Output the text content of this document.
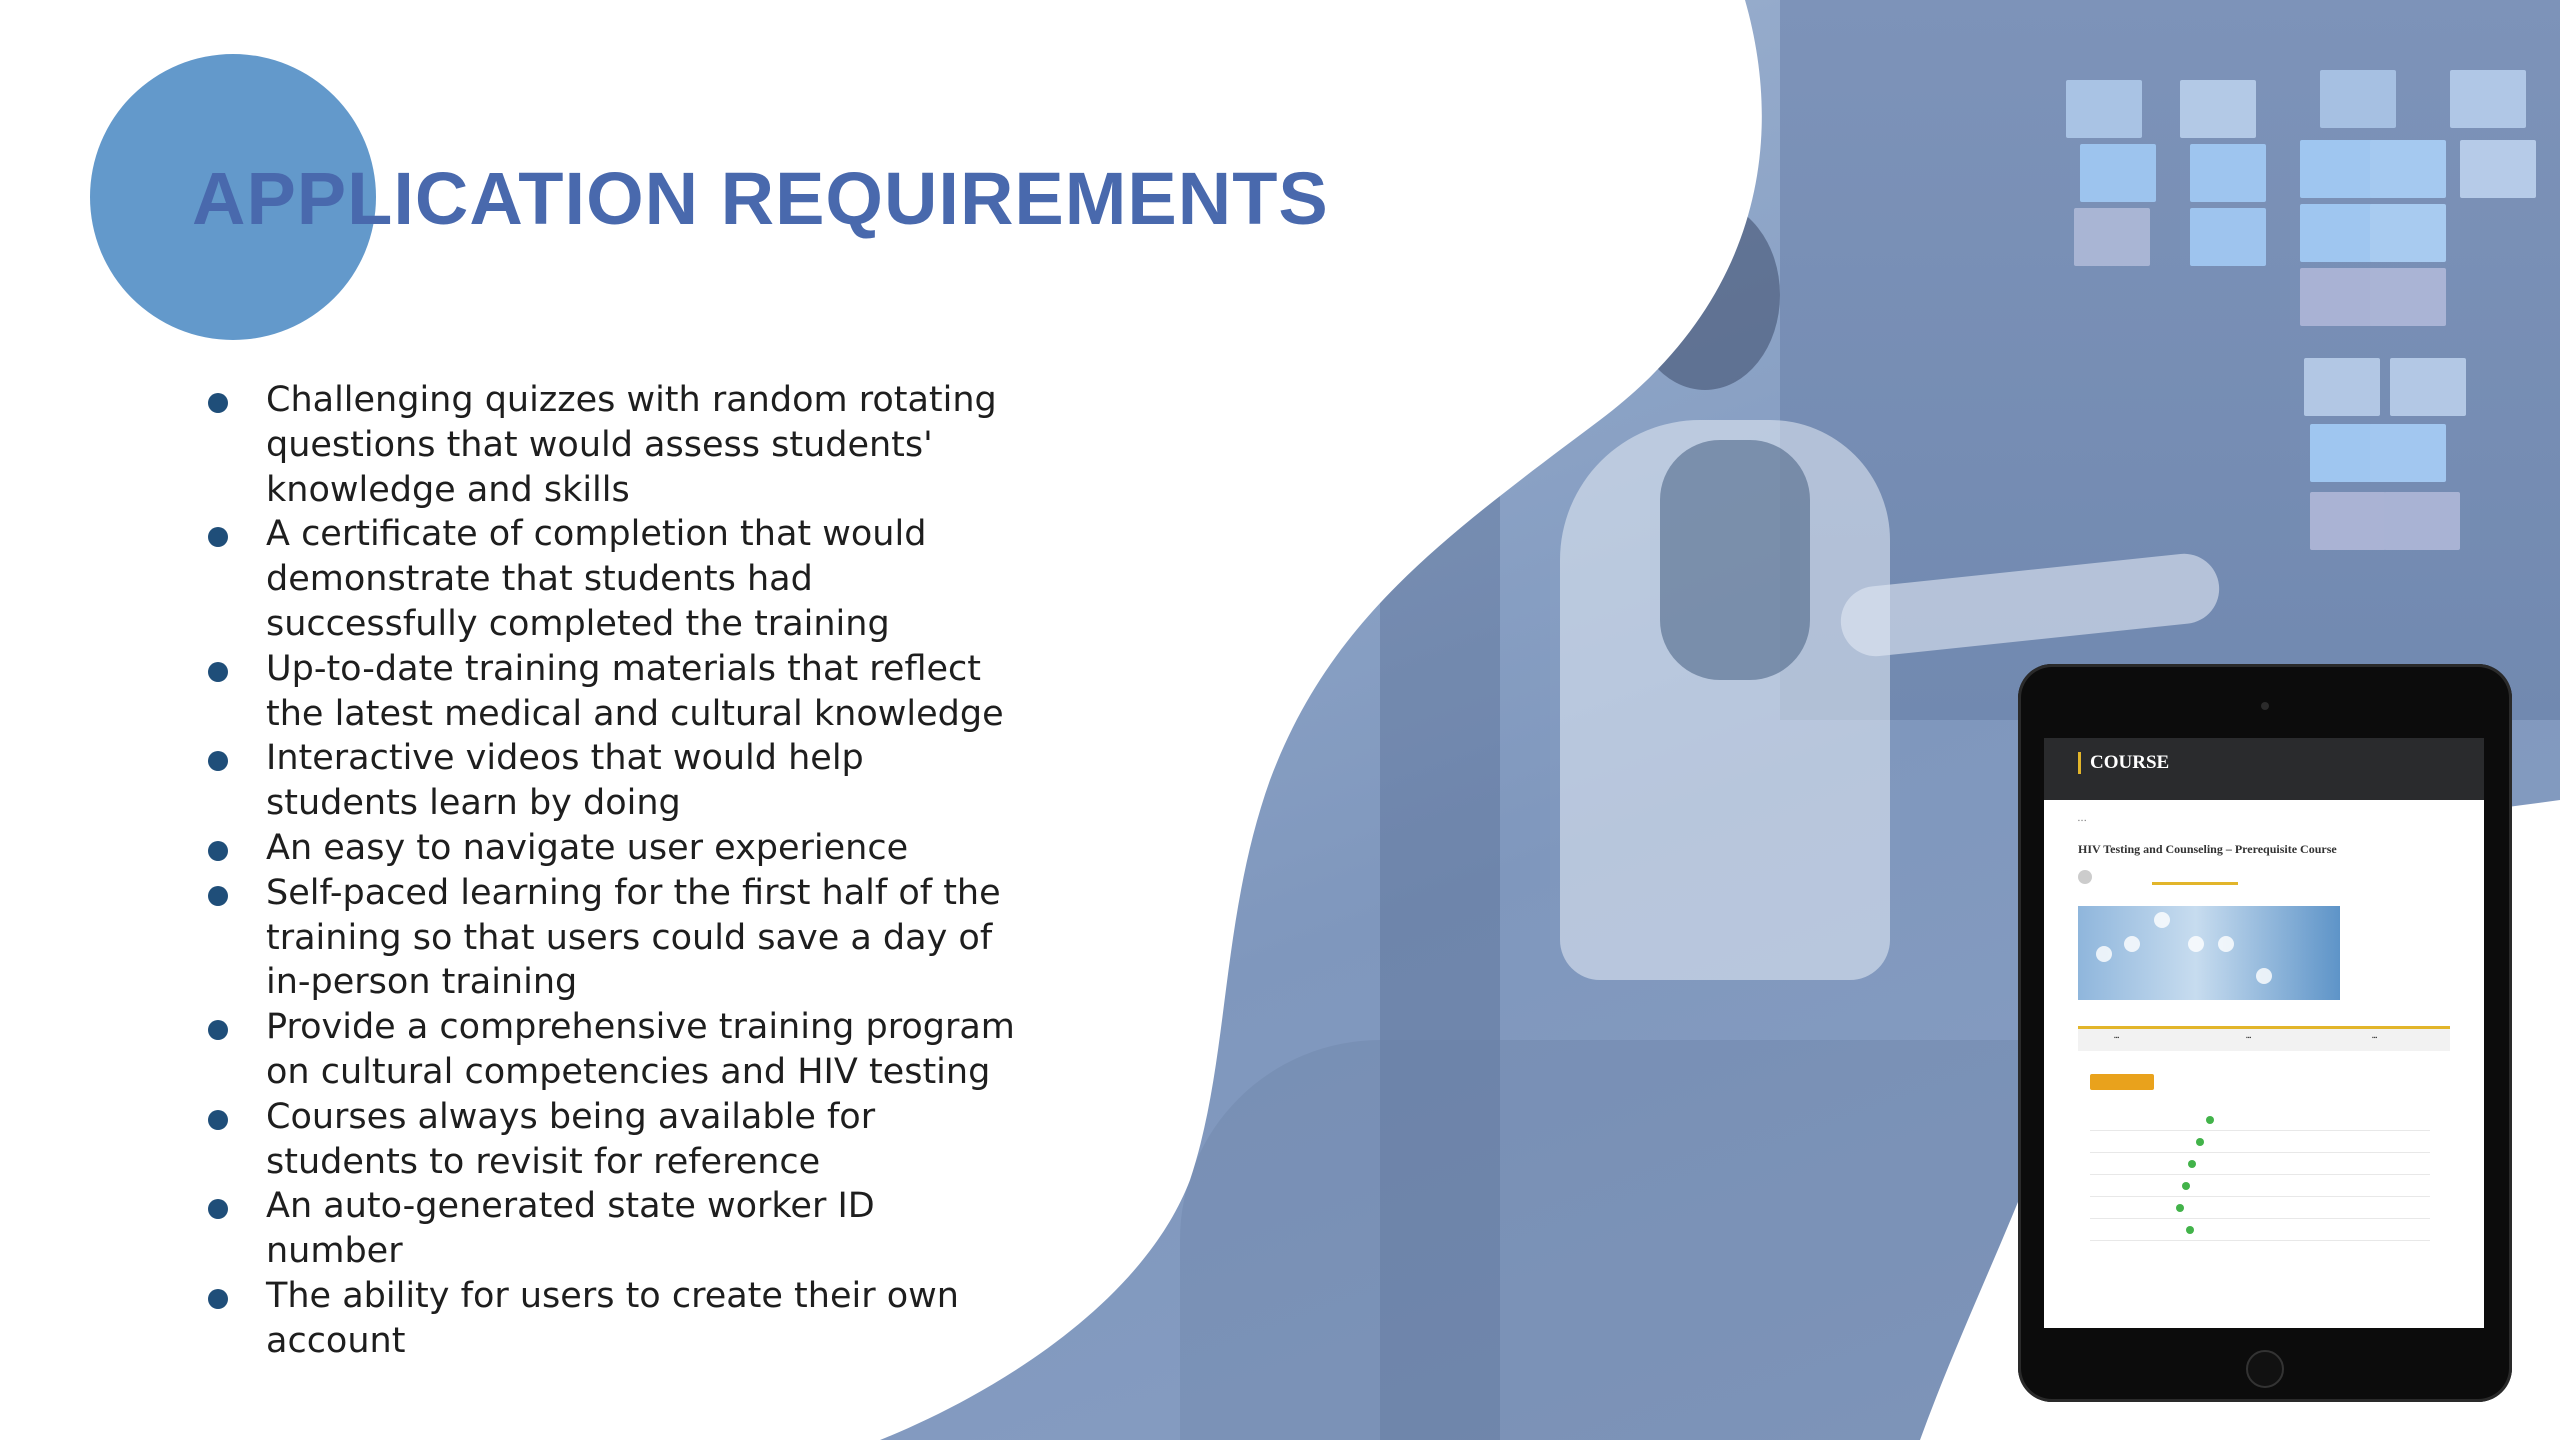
APPLICATION REQUIREMENTS
Challenging quizzes with random rotating questions that would assess students' knowledge and skills
A certificate of completion that would demonstrate that students had successfully completed the training
Up-to-date training materials that reflect the latest medical and cultural knowledge
Interactive videos that would help students learn by doing
An easy to navigate user experience
Self-paced learning for the first half of the training so that users could save a day of in-person training
Provide a comprehensive training program on cultural competencies and HIV testing
Courses always being available for students to revisit for reference
An auto-generated state worker ID number
The ability for users to create their own account
COURSE
▪ ▪ ▪
HIV Testing and Counseling – Prerequisite Course
▪▪▪	▪▪▪	▪▪▪
